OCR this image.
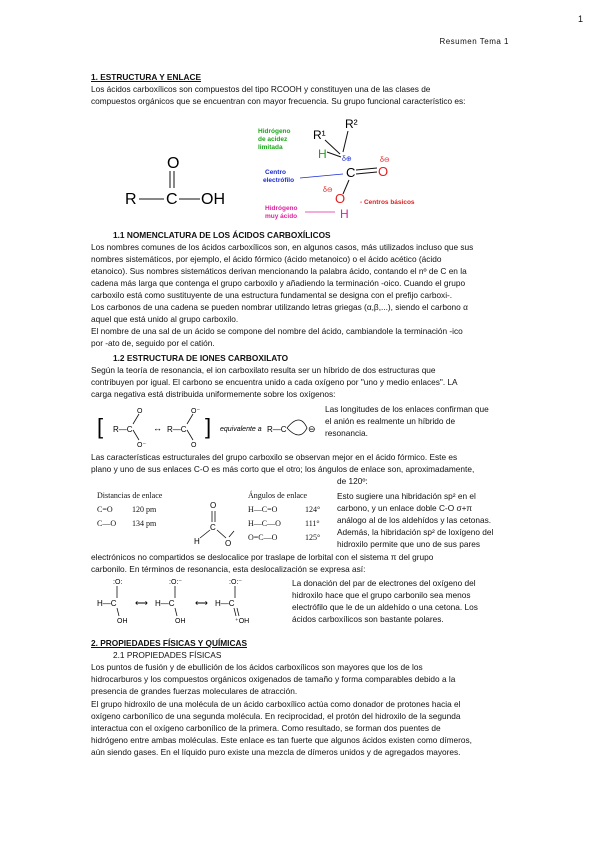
1
Resumen Tema 1
1. ESTRUCTURA Y ENLACE
Los ácidos carboxílicos son compuestos del tipo RCOOH y constituyen una de las clases de
compuestos orgánicos que se encuentran con mayor frecuencia. Su grupo funcional característico es:
O
R C OH
Hidrógeno
de acidez
limitada
R¹
R²
H δ⊕	δ⊖
Centro
electrófilo
C O
δ⊖
O - Centros básicos
Hidrógeno
muy ácido	H
1.1 NOMENCLATURA DE LOS ÁCIDOS CARBOXÍLICOS
Los nombres comunes de los ácidos carboxílicos son, en algunos casos, más utilizados incluso que sus
nombres sistemáticos, por ejemplo, el ácido fórmico (ácido metanoico) o el ácido acético (ácido
etanoico). Sus nombres sistemáticos derivan mencionando la palabra ácido, contando el nº de C en la
cadena más larga que contenga el grupo carboxilo y añadiendo la terminación -oico. Cuando el grupo
carboxilo está como sustituyente de una estructura fundamental se designa con el prefijo carboxi-.
Los carbonos de una cadena se pueden nombrar utilizando letras griegas (α,β,...), siendo el carbono α
aquel que está unido al grupo carboxilo.
El nombre de una sal de un ácido se compone del nombre del ácido, cambiandole la terminación -ico
por -ato de, seguido por el catión.
1.2 ESTRUCTURA DE IONES CARBOXILATO
Según la teoría de resonancia, el ion carboxilato resulta ser un híbrido de dos estructuras que
contribuyen por igual. El carbono se encuentra unido a cada oxígeno por "uno y medio enlaces". LA
carga negativa está distribuida uniformemente sobre los oxígenos:
[ R—C
O
O⁻
↔ R—C
O⁻
O
] equivalente a R—C ⊖
Las longitudes de los enlaces confirman que
el anión es realmente un híbrido de
resonancia.
Las características estructurales del grupo carboxilo se observan mejor en el ácido fórmico. Este es
plano y uno de sus enlaces C-O es más corto que el otro; los ángulos de enlace son, aproximadamente,
de 120º:
Distancias de enlace	Ángulos de enlace
C=O 120 pm	H—C=O	124°
C—O 134 pm	H—C—O	111°
O=C—O	125°
O
C
H	O
Esto sugiere una hibridación sp² en el
carbono, y un enlace doble C-O σ+π
análogo al de los aldehídos y las cetonas.
Además, la hibridación sp² de loxígeno del
hidroxilo permite que uno de sus pares
electrónicos no compartidos se deslocalice por traslape de lorbital con el sistema π del grupo
carbonilo. En términos de resonancia, esta deslocalización se expresa así:
H—C
:O:
OH
⟷ H—C
:O:⁻
OH
⟷ H—C
:O:⁻
⁺OH
La donación del par de electrones del oxígeno del
hidroxilo hace que el grupo carbonilo sea menos
electrófilo que le de un aldehído o una cetona. Los
ácidos carboxílicos son bastante polares.
2. PROPIEDADES FÍSICAS Y QUÍMICAS
2.1 PROPIEDADES FÍSICAS
Los puntos de fusión y de ebullición de los ácidos carboxílicos son mayores que los de los
hidrocarburos y los compuestos orgánicos oxigenados de tamaño y forma comparables debido a la
presencia de grandes fuerzas moleculares de atracción.
El grupo hidroxilo de una molécula de un ácido carboxílico actúa como donador de protones hacia el
oxígeno carbonílico de una segunda molécula. En reciprocidad, el protón del hidroxilo de la segunda
interactua con el oxígeno carbonílico de la primera. Como resultado, se forman dos puentes de
hidrógeno entre ambas moléculas. Este enlace es tan fuerte que algunos ácidos existen como dímeros,
aún siendo gases. En el líquido puro existe una mezcla de dímeros unidos y de agregados mayores.
